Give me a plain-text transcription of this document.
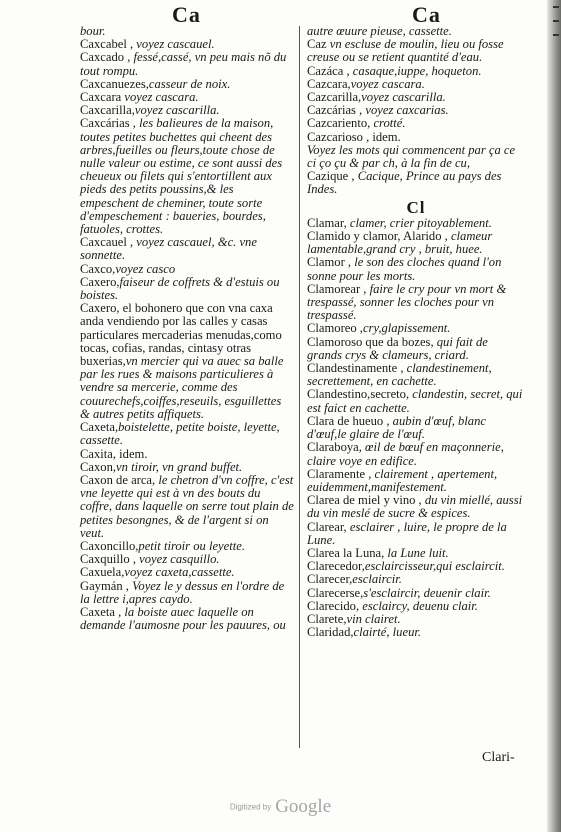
Ca	Ca

bour.

Caxcabel , voyez cascauel.

Caxcado , fessé,cassé, vn peu mais nõ du tout rompu.

Caxcanuezes,casseur de noix.

Caxcara voyez cascara.

Caxcarilla,voyez cascarilla.

Caxcárias , les balieures de la maison, toutes petites buchettes qui cheent des arbres,fueilles ou fleurs,toute chose de nulle valeur ou estime, ce sont aussi des cheueux ou filets qui s'entortillent aux pieds des petits poussins,& les empeschent de cheminer, toute sorte d'empeschement : baueries, bourdes, fatuoles, crottes.

Caxcauel , voyez cascauel, &c. vne sonnette.

Caxco,voyez casco

Caxero,faiseur de coffrets & d'estuis ou boistes.

Caxero, el bohonero que con vna caxa anda vendiendo por las calles y casas particulares mercaderias menudas,como tocas, cofias, randas, cintasy otras buxerias,vn mercier qui va auec sa balle par les rues & maisons particulieres à vendre sa mercerie, comme des couurechefs,coiffes,reseuils, esguillettes & autres petits affiquets.

Caxeta,boistelette, petite boiste, leyette, cassette.

Caxita, idem.

Caxon,vn tiroir, vn grand buffet.

Caxon de arca, le chetron d'vn coffre, c'est vne leyette qui est à vn des bouts du coffre, dans laquelle on serre tout plain de petites besongnes, & de l'argent si on veut.

Caxoncillo,petit tiroir ou leyette.

Caxquillo , voyez casquillo.

Caxuela,voyez caxeta,cassette.

Gaymán , Voyez le y dessus en l'ordre de la lettre i,apres caydo.

Caxeta , la boiste auec laquelle on demande l'aumosne pour les pauures, ou

autre œuure pieuse, cassette.

Caz vn escluse de moulin, lieu ou fosse creuse ou se retient quantité d'eau.

Cazáca , casaque,iuppe, hoqueton.

Cazcara,voyez cascara.

Cazcarilla,voyez cascarilla.

Cazcárias , voyez caxcarias.

Cazcariento, crotté.

Cazcarioso , idem.

Voyez les mots qui commencent par ça ce ci ço çu & par ch, à la fin de cu,

Cazique , Cacique, Prince au pays des Indes.

Cl

Clamar, clamer, crier pitoyablement.

Clamido y clamor, Alarido , clameur lamentable,grand cry , bruit, huee.

Clamor , le son des cloches quand l'on sonne pour les morts.

Clamorear , faire le cry pour vn mort & trespassé, sonner les cloches pour vn trespassé.

Clamoreo ,cry,glapissement.

Clamoroso que da bozes, qui fait de grands crys & clameurs, criard.

Clandestinamente , clandestinement, secrettement, en cachette.

Clandestino,secreto, clandestin, secret, qui est faict en cachette.

Clara de hueuo , aubin d'œuf, blanc d'œuf,le glaire de l'œuf.

Claraboya, œil de bœuf en maçonnerie, claire voye en edifice.

Claramente , clairement , apertement, euidemment,manifestement.

Clarea de miel y vino , du vin miellé, aussi du vin meslé de sucre & espices.

Clarear, esclairer , luire, le propre de la Lune.

Clarea la Luna, la Lune luit.

Clarecedor,esclaircisseur,qui esclaircit.

Clarecer,esclaircir.

Clarecerse,s'esclaircir, deuenir clair.

Clarecido, esclaircy, deuenu clair.

Clarete,vin clairet.

Claridad,clairté, lueur.

Clari-
Digitized by Google
